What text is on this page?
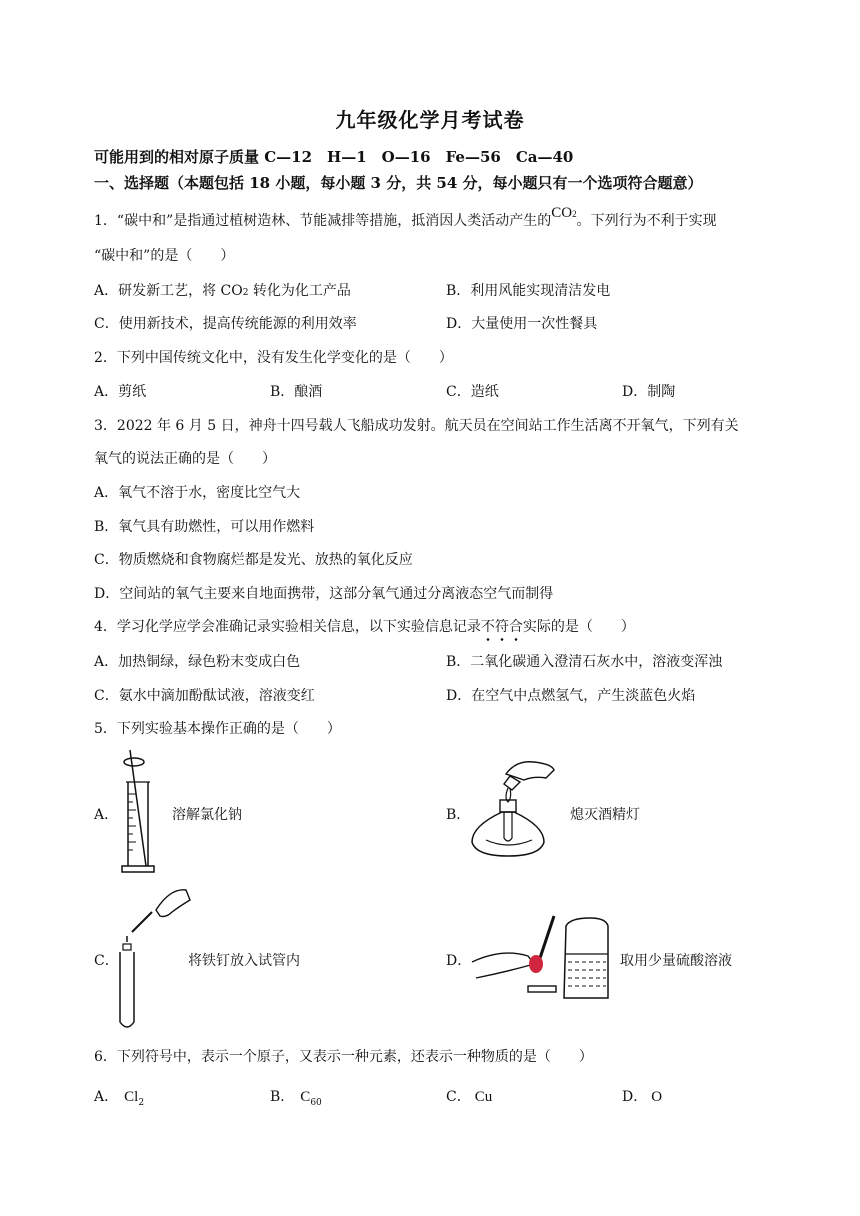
九年级化学月考试卷
可能用到的相对原子质量 C—12　H—1　O—16　Fe—56　Ca—40
一、选择题（本题包括 18 小题，每小题 3 分，共 54 分，每小题只有一个选项符合题意）
1．“碳中和”是指通过植树造林、节能减排等措施，抵消因人类活动产生的CO2。下列行为不利于实现
“碳中和”的是（　　）
A．研发新工艺，将 CO2 转化为化工产品	B．利用风能实现清洁发电
C．使用新技术，提高传统能源的利用效率	D．大量使用一次性餐具
2．下列中国传统文化中，没有发生化学变化的是（　　）
A．剪纸	B．酿酒	C．造纸	D．制陶
3．2022 年 6 月 5 日，神舟十四号载人飞船成功发射。航天员在空间站工作生活离不开氧气，下列有关
氧气的说法正确的是（　　）
A．氧气不溶于水，密度比空气大
B．氧气具有助燃性，可以用作燃料
C．物质燃烧和食物腐烂都是发光、放热的氧化反应
D．空间站的氧气主要来自地面携带，这部分氧气通过分离液态空气而制得
4．学习化学应学会准确记录实验相关信息，以下实验信息记录不符合实际的是（　　）
A．加热铜绿，绿色粉末变成白色	B．二氧化碳通入澄清石灰水中，溶液变浑浊
C．氨水中滴加酚酞试液，溶液变红	D．在空气中点燃氢气，产生淡蓝色火焰
5．下列实验基本操作正确的是（　　）
A．	溶解氯化钠	B．	熄灭酒精灯
C．	将铁钉放入试管内	D．	取用少量硫酸溶液
6．下列符号中，表示一个原子，又表示一种元素，还表示一种物质的是（　　）
A． $Cl_2$	B． $C_{60}$	C． Cu	D． O
